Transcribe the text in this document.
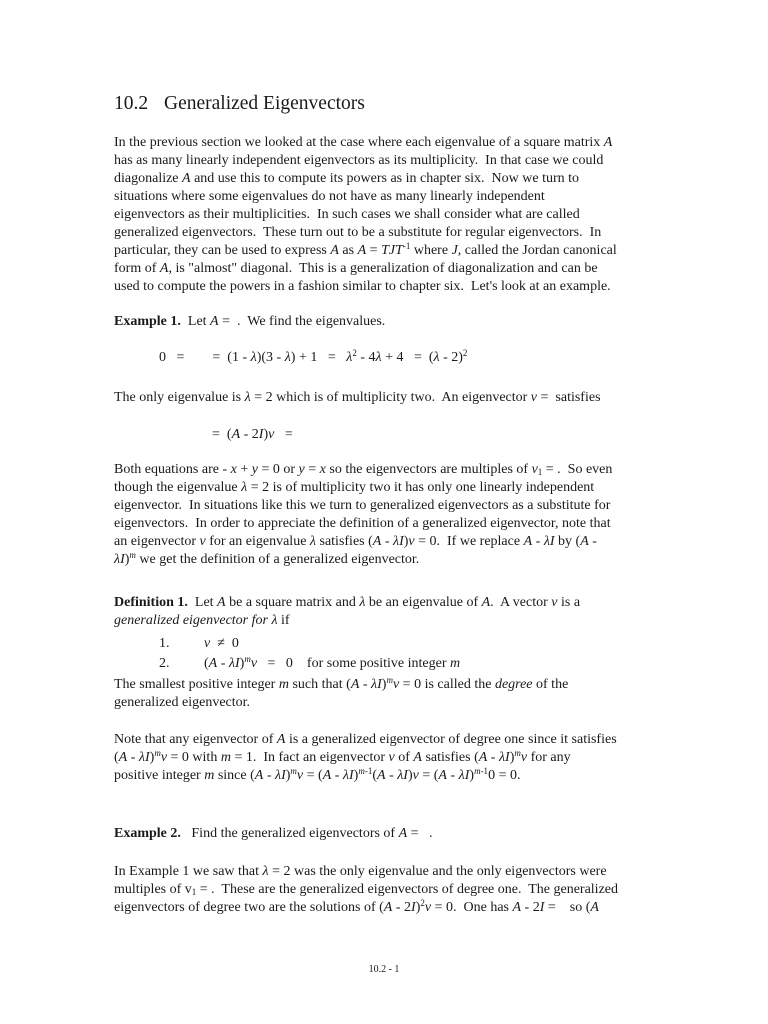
10.2 Generalized Eigenvectors
In the previous section we looked at the case where each eigenvalue of a square matrix A
has as many linearly independent eigenvectors as its multiplicity.  In that case we could
diagonalize A and use this to compute its powers as in chapter six.  Now we turn to
situations where some eigenvalues do not have as many linearly independent
eigenvectors as their multiplicities.  In such cases we shall consider what are called
generalized eigenvectors.  These turn out to be a substitute for regular eigenvectors.  In
particular, they can be used to express A as $A = TJT^{-1}$ where J, called the Jordan canonical
form of A, is "almost" diagonal.  This is a generalization of diagonalization and can be
used to compute the powers in a fashion similar to chapter six.  Let's look at an example.
Example 1.  Let A =  .  We find the eigenvalues.
0   =        =  $(1 - \lambda)(3 - \lambda) + 1 = \lambda^2 - 4\lambda + 4 = (\lambda - 2)^2$
The only eigenvalue is λ = 2 which is of multiplicity two.  An eigenvector v =  satisfies
=  (A - 2I)v   =
Both equations are - x + y = 0 or y = x so the eigenvectors are multiples of $v_1$ = .  So even
though the eigenvalue λ = 2 is of multiplicity two it has only one linearly independent
eigenvector.  In situations like this we turn to generalized eigenvectors as a substitute for
eigenvectors.  In order to appreciate the definition of a generalized eigenvector, note that
an eigenvector v for an eigenvalue λ satisfies (A - λI)v = 0.  If we replace A - λI by (A -
λI)$^m$ we get the definition of a generalized eigenvector.
Definition 1.  Let A be a square matrix and λ be an eigenvalue of A.  A vector v is a
generalized eigenvector for λ if
1. v  ≠  0
2. (A - λI)$^m$v   =   0    for some positive integer m
The smallest positive integer m such that (A - λI)$^m$v = 0 is called the degree of the
generalized eigenvector.
Note that any eigenvector of A is a generalized eigenvector of degree one since it satisfies
(A - λI)$^m$v = 0 with m = 1.  In fact an eigenvector v of A satisfies (A - λI)$^m$v for any
positive integer m since (A - λI)$^m$v = (A - λI)$^{m-1}$(A - λI)v = (A - λI)$^{m-1}$0 = 0.
Example 2.   Find the generalized eigenvectors of A =   .
In Example 1 we saw that λ = 2 was the only eigenvalue and the only eigenvectors were
multiples of $v_1$ = .  These are the generalized eigenvectors of degree one.  The generalized
eigenvectors of degree two are the solutions of (A - 2I)$^2$v = 0.  One has A - 2I =    so (A
10.2 - 1
